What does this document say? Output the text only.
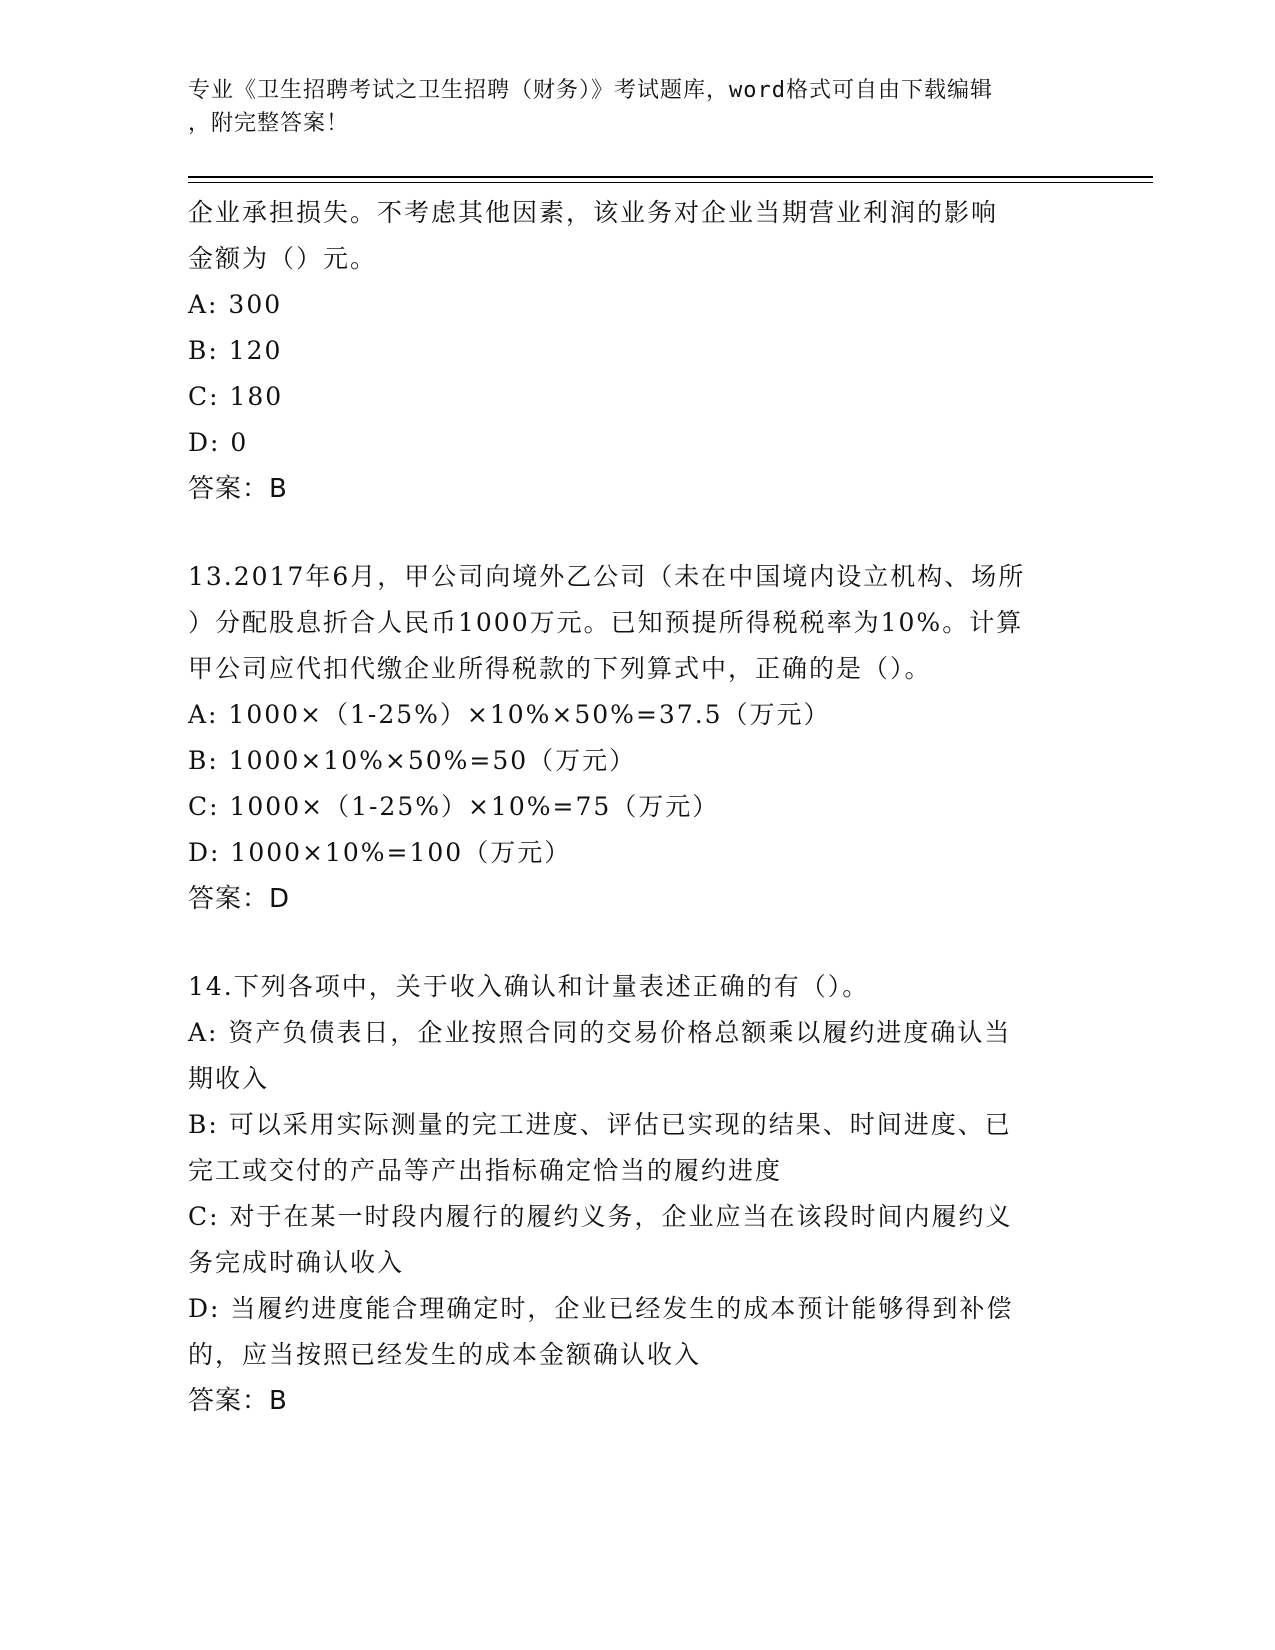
专业《卫生招聘考试之卫生招聘（财务）》考试题库，word格式可自由下载编辑
，附完整答案！
企业承担损失。不考虑其他因素，该业务对企业当期营业利润的影响
金额为（）元。
A: 300
B: 120
C: 180
D: 0
答案：B
13.2017年6月，甲公司向境外乙公司（未在中国境内设立机构、场所
）分配股息折合人民币1000万元。已知预提所得税税率为10%。计算
甲公司应代扣代缴企业所得税款的下列算式中，正确的是（）。
A: 1000×（1-25%）×10%×50%=37.5（万元）
B: 1000×10%×50%=50（万元）
C: 1000×（1-25%）×10%=75（万元）
D: 1000×10%=100（万元）
答案：D
14.下列各项中，关于收入确认和计量表述正确的有（）。
A: 资产负债表日，企业按照合同的交易价格总额乘以履约进度确认当
期收入
B: 可以采用实际测量的完工进度、评估已实现的结果、时间进度、已
完工或交付的产品等产出指标确定恰当的履约进度
C: 对于在某一时段内履行的履约义务，企业应当在该段时间内履约义
务完成时确认收入
D: 当履约进度能合理确定时，企业已经发生的成本预计能够得到补偿
的，应当按照已经发生的成本金额确认收入
答案：B
